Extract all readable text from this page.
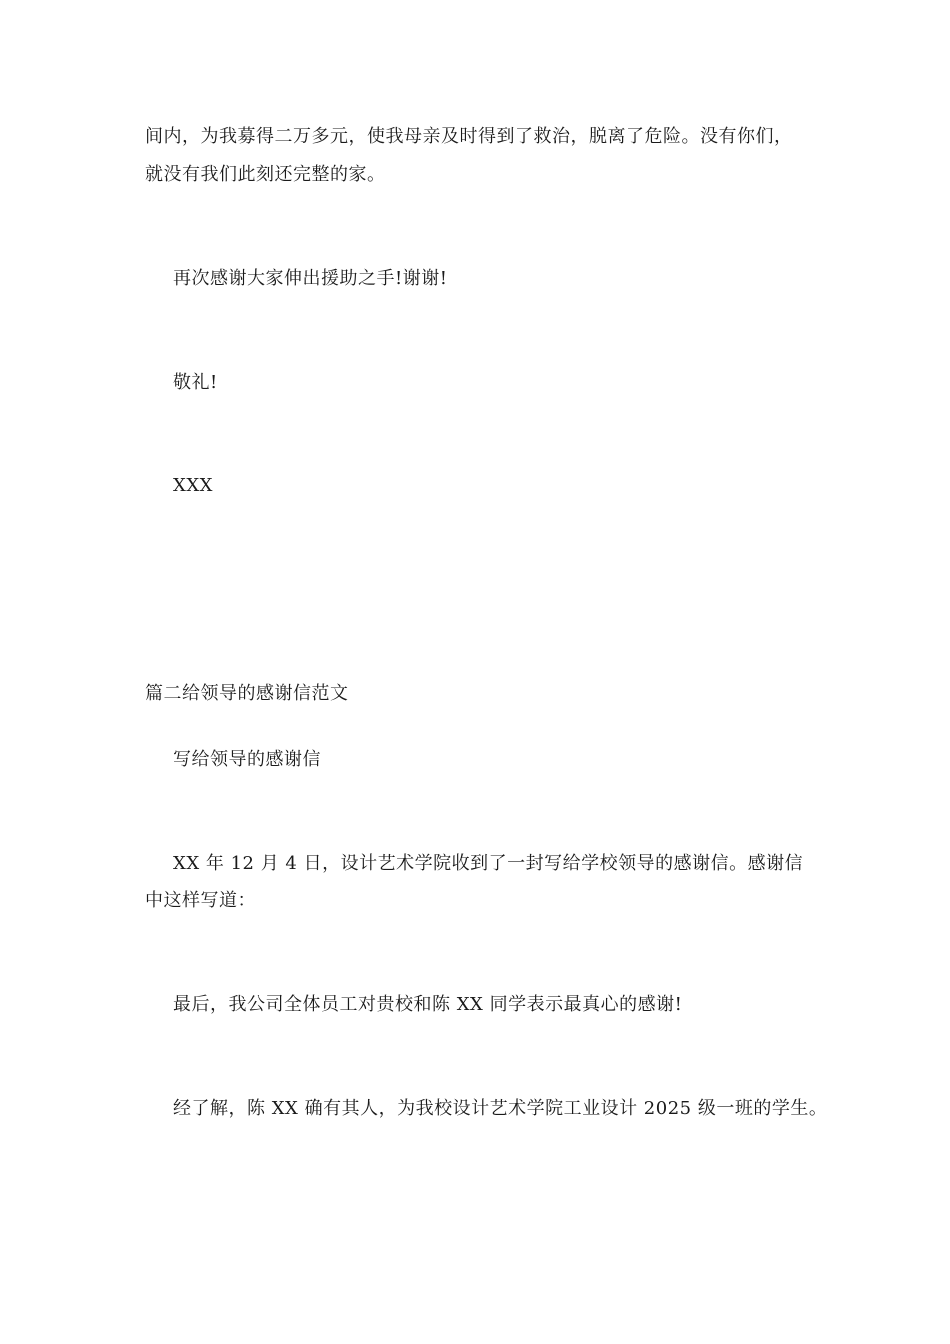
间内，为我募得二万多元，使我母亲及时得到了救治，脱离了危险。没有你们，
就没有我们此刻还完整的家。
再次感谢大家伸出援助之手!谢谢!
敬礼!
XXX
篇二给领导的感谢信范文
写给领导的感谢信
XX 年 12 月 4 日，设计艺术学院收到了一封写给学校领导的感谢信。感谢信
中这样写道：
最后，我公司全体员工对贵校和陈 XX 同学表示最真心的感谢!
经了解，陈 XX 确有其人，为我校设计艺术学院工业设计 2025 级一班的学生。
